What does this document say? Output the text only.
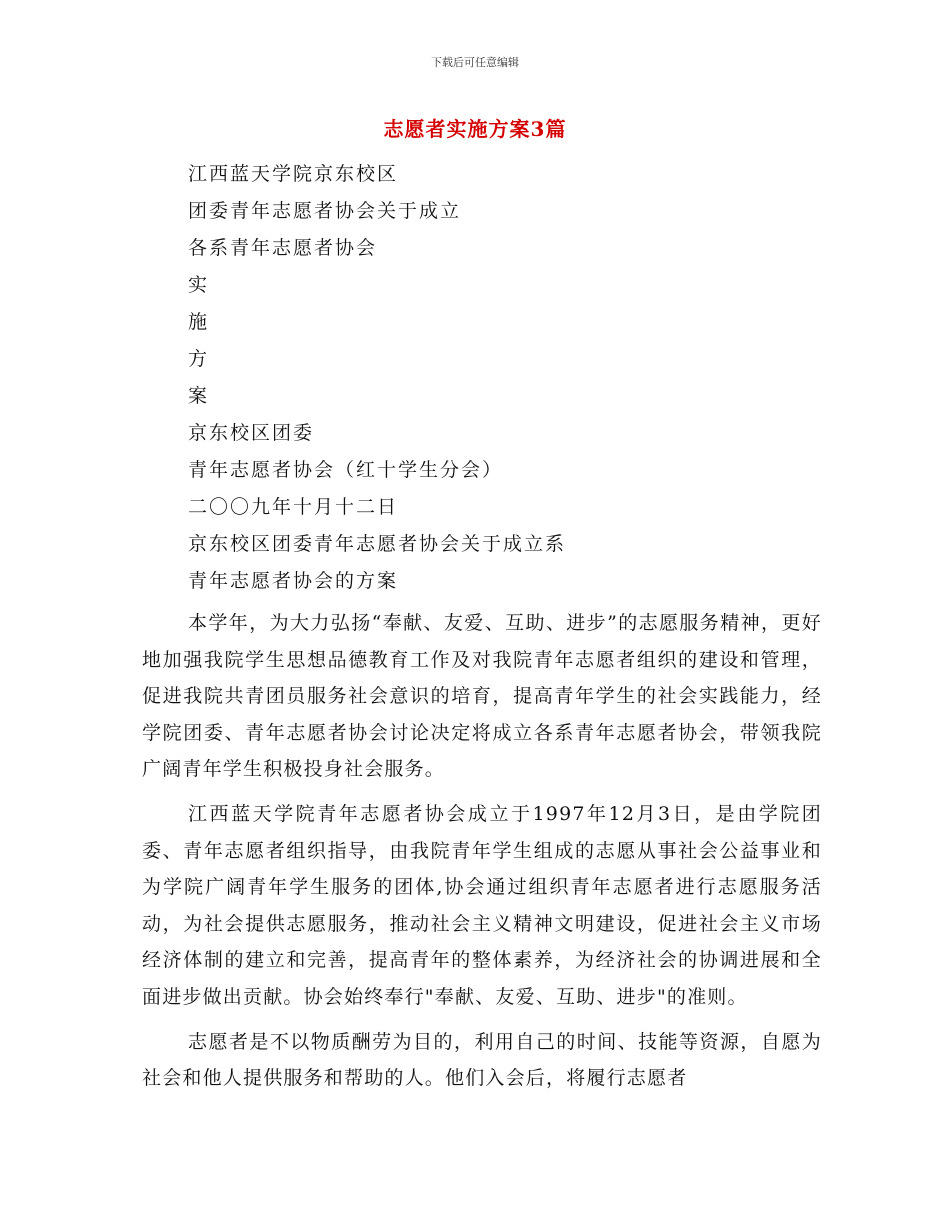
下载后可任意编辑
志愿者实施方案3篇
江西蓝天学院京东校区
团委青年志愿者协会关于成立
各系青年志愿者协会
实
施
方
案
京东校区团委
青年志愿者协会（红十学生分会）
二〇〇九年十月十二日
京东校区团委青年志愿者协会关于成立系
青年志愿者协会的方案

本学年，为大力弘扬“奉献、友爱、互助、进步”的志愿服务精神，更好地加强我院学生思想品德教育工作及对我院青年志愿者组织的建设和管理，促进我院共青团员服务社会意识的培育，提高青年学生的社会实践能力，经学院团委、青年志愿者协会讨论决定将成立各系青年志愿者协会，带领我院广阔青年学生积极投身社会服务。

江西蓝天学院青年志愿者协会成立于1997年12月3日，是由学院团委、青年志愿者组织指导，由我院青年学生组成的志愿从事社会公益事业和为学院广阔青年学生服务的团体,协会通过组织青年志愿者进行志愿服务活动，为社会提供志愿服务，推动社会主义精神文明建设，促进社会主义市场经济体制的建立和完善，提高青年的整体素养，为经济社会的协调进展和全面进步做出贡献。协会始终奉行"奉献、友爱、互助、进步"的准则。

志愿者是不以物质酬劳为目的，利用自己的时间、技能等资源，自愿为社会和他人提供服务和帮助的人。他们入会后，将履行志愿者
